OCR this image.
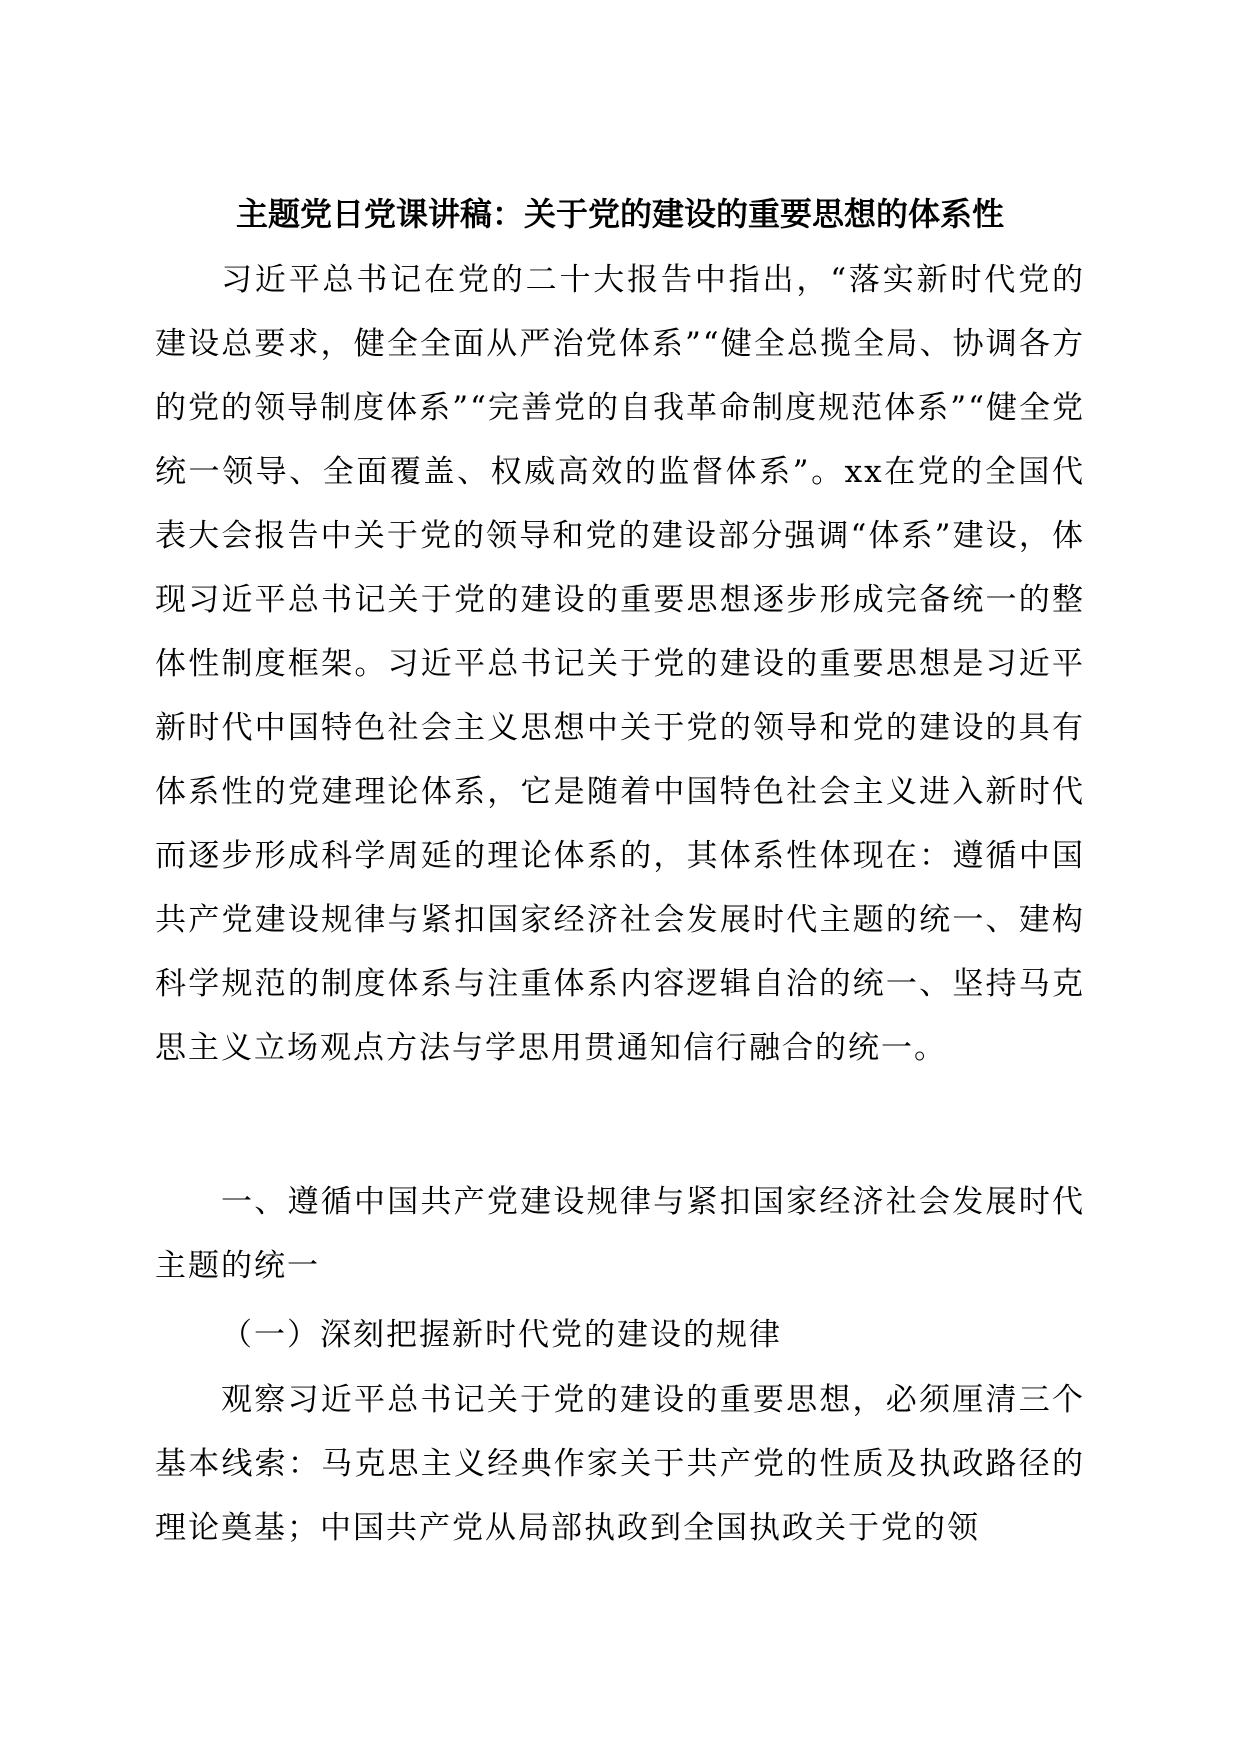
主题党日党课讲稿：关于党的建设的重要思想的体系性
习近平总书记在党的二十大报告中指出，“落实新时代党的建设总要求，健全全面从严治党体系”“健全总揽全局、协调各方的党的领导制度体系”“完善党的自我革命制度规范体系”“健全党统一领导、全面覆盖、权威高效的监督体系”。xx在党的全国代表大会报告中关于党的领导和党的建设部分强调“体系”建设，体现习近平总书记关于党的建设的重要思想逐步形成完备统一的整体性制度框架。习近平总书记关于党的建设的重要思想是习近平新时代中国特色社会主义思想中关于党的领导和党的建设的具有体系性的党建理论体系，它是随着中国特色社会主义进入新时代而逐步形成科学周延的理论体系的，其体系性体现在：遵循中国共产党建设规律与紧扣国家经济社会发展时代主题的统一、建构科学规范的制度体系与注重体系内容逻辑自洽的统一、坚持马克思主义立场观点方法与学思用贯通知信行融合的统一。
一、遵循中国共产党建设规律与紧扣国家经济社会发展时代主题的统一
（一）深刻把握新时代党的建设的规律
观察习近平总书记关于党的建设的重要思想，必须厘清三个基本线索：马克思主义经典作家关于共产党的性质及执政路径的理论奠基；中国共产党从局部执政到全国执政关于党的领
